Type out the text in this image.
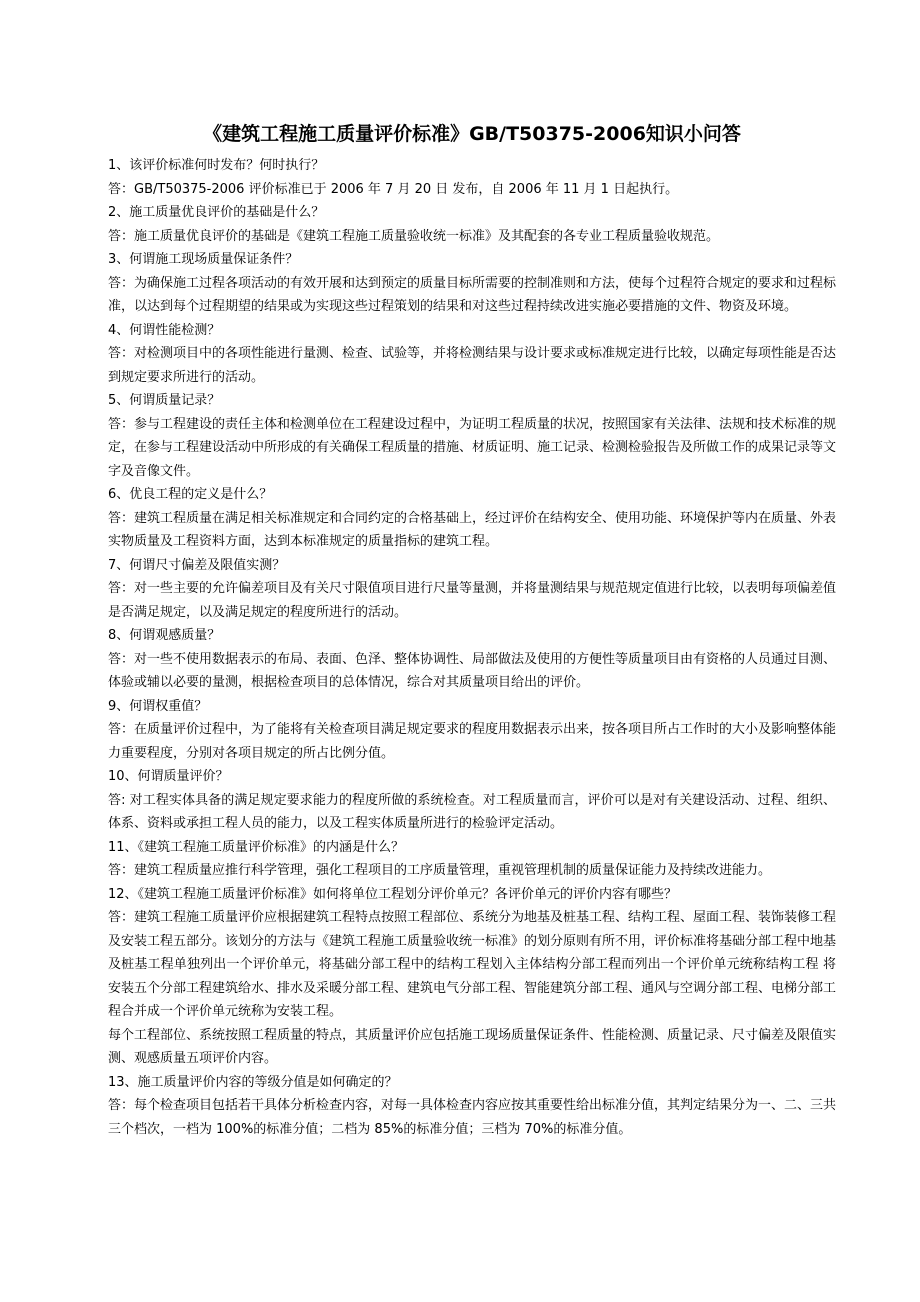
《建筑工程施工质量评价标准》GB/T50375-2006知识小问答

1、该评价标准何时发布？何时执行？

答：GB/T50375-2006 评价标准已于 2006 年 7 月 20 日 发布，自 2006 年 11 月 1 日起执行。

2、施工质量优良评价的基础是什么？

答：施工质量优良评价的基础是《建筑工程施工质量验收统一标准》及其配套的各专业工程质量验收规范。

3、何谓施工现场质量保证条件？

答：为确保施工过程各项活动的有效开展和达到预定的质量目标所需要的控制准则和方法，使每个过程符合规定的要求和过程标准，以达到每个过程期望的结果或为实现这些过程策划的结果和对这些过程持续改进实施必要措施的文件、物资及环境。

4、何谓性能检测？

答：对检测项目中的各项性能进行量测、检查、试验等，并将检测结果与设计要求或标准规定进行比较，以确定每项性能是否达到规定要求所进行的活动。

5、何谓质量记录？

答：参与工程建设的责任主体和检测单位在工程建设过程中，为证明工程质量的状况，按照国家有关法律、法规和技术标准的规定，在参与工程建设活动中所形成的有关确保工程质量的措施、材质证明、施工记录、检测检验报告及所做工作的成果记录等文字及音像文件。

6、优良工程的定义是什么？

答：建筑工程质量在满足相关标准规定和合同约定的合格基础上，经过评价在结构安全、使用功能、环境保护等内在质量、外表实物质量及工程资料方面，达到本标准规定的质量指标的建筑工程。

7、何谓尺寸偏差及限值实测？

答：对一些主要的允许偏差项目及有关尺寸限值项目进行尺量等量测，并将量测结果与规范规定值进行比较，以表明每项偏差值是否满足规定，以及满足规定的程度所进行的活动。

8、何谓观感质量？

答：对一些不使用数据表示的布局、表面、色泽、整体协调性、局部做法及使用的方便性等质量项目由有资格的人员通过目测、体验或辅以必要的量测，根据检查项目的总体情况，综合对其质量项目给出的评价。

9、何谓权重值？

答：在质量评价过程中，为了能将有关检查项目满足规定要求的程度用数据表示出来，按各项目所占工作时的大小及影响整体能力重要程度，分别对各项目规定的所占比例分值。

10、何谓质量评价？

答: 对工程实体具备的满足规定要求能力的程度所做的系统检查。对工程质量而言，评价可以是对有关建设活动、过程、组织、体系、资料或承担工程人员的能力，以及工程实体质量所进行的检验评定活动。

11、《建筑工程施工质量评价标准》的内涵是什么？

答：建筑工程质量应推行科学管理，强化工程项目的工序质量管理，重视管理机制的质量保证能力及持续改进能力。

12、《建筑工程施工质量评价标准》如何将单位工程划分评价单元？各评价单元的评价内容有哪些？

答：建筑工程施工质量评价应根据建筑工程特点按照工程部位、系统分为地基及桩基工程、结构工程、屋面工程、装饰装修工程及安装工程五部分。该划分的方法与《建筑工程施工质量验收统一标准》的划分原则有所不用，评价标准将基础分部工程中地基及桩基工程单独列出一个评价单元，将基础分部工程中的结构工程划入主体结构分部工程而列出一个评价单元统称结构工程 将安装五个分部工程建筑给水、排水及采暖分部工程、建筑电气分部工程、智能建筑分部工程、通风与空调分部工程、电梯分部工程合并成一个评价单元统称为安装工程。

每个工程部位、系统按照工程质量的特点，其质量评价应包括施工现场质量保证条件、性能检测、质量记录、尺寸偏差及限值实测、观感质量五项评价内容。

13、施工质量评价内容的等级分值是如何确定的？

答：每个检查项目包括若干具体分析检查内容，对每一具体检查内容应按其重要性给出标准分值，其判定结果分为一、二、三共三个档次，一档为 100%的标准分值；二档为 85%的标准分值；三档为 70%的标准分值。
